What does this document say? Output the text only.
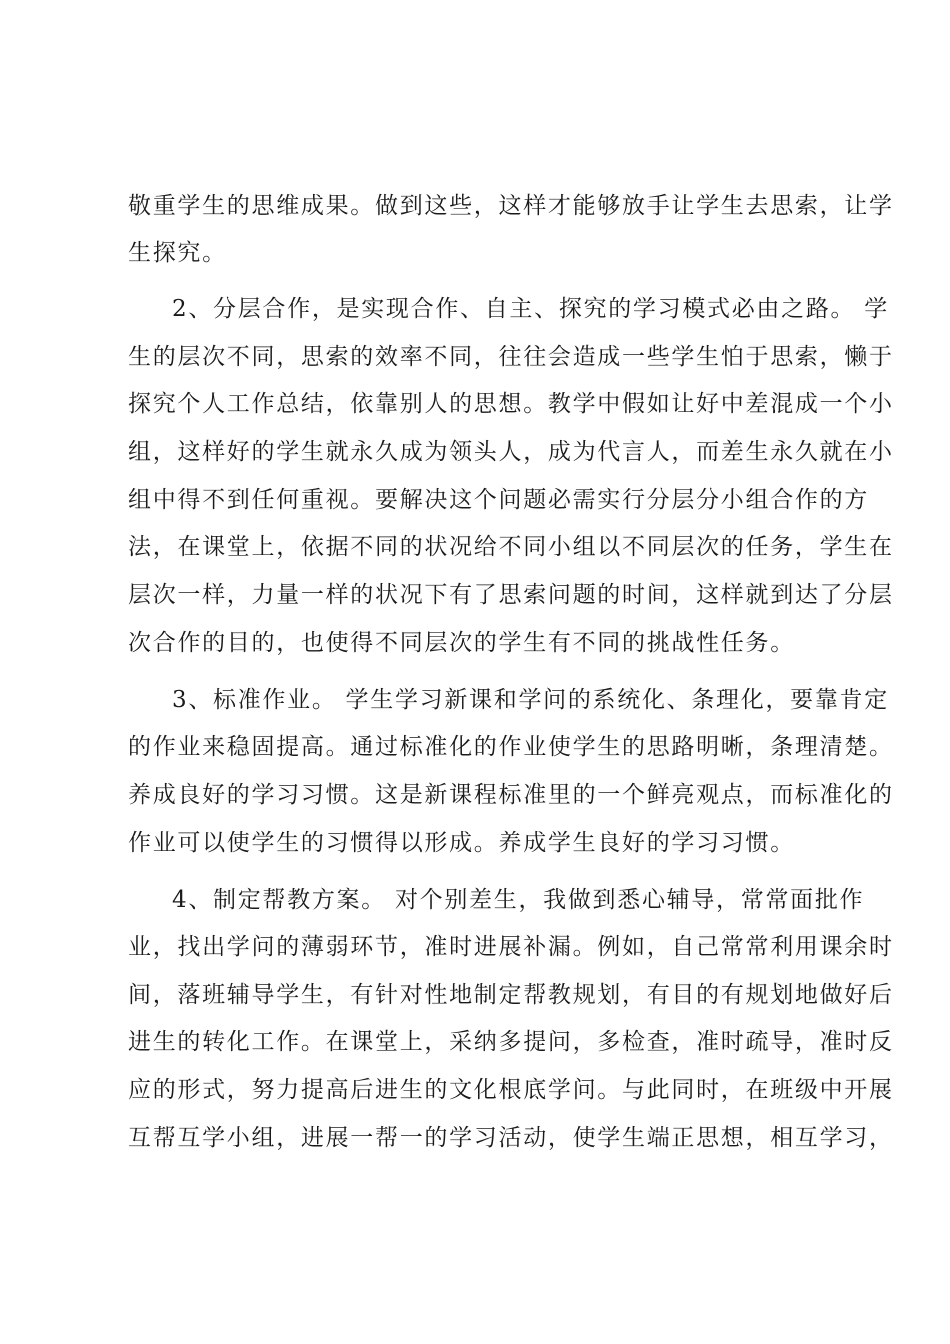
敬重学生的思维成果。做到这些，这样才能够放手让学生去思索，让学

生探究。

2、分层合作，是实现合作、自主、探究的学习模式必由之路。 学

生的层次不同，思索的效率不同，往往会造成一些学生怕于思索，懒于

探究个人工作总结，依靠别人的思想。教学中假如让好中差混成一个小

组，这样好的学生就永久成为领头人，成为代言人，而差生永久就在小

组中得不到任何重视。要解决这个问题必需实行分层分小组合作的方

法，在课堂上，依据不同的状况给不同小组以不同层次的任务，学生在

层次一样，力量一样的状况下有了思索问题的时间，这样就到达了分层

次合作的目的，也使得不同层次的学生有不同的挑战性任务。

3、标准作业。 学生学习新课和学问的系统化、条理化，要靠肯定

的作业来稳固提高。通过标准化的作业使学生的思路明晰，条理清楚。

养成良好的学习习惯。这是新课程标准里的一个鲜亮观点，而标准化的

作业可以使学生的习惯得以形成。养成学生良好的学习习惯。

4、制定帮教方案。 对个别差生，我做到悉心辅导，常常面批作

业，找出学问的薄弱环节，准时进展补漏。例如，自己常常利用课余时

间，落班辅导学生，有针对性地制定帮教规划，有目的有规划地做好后

进生的转化工作。在课堂上，采纳多提问，多检查，准时疏导，准时反

应的形式，努力提高后进生的文化根底学问。与此同时，在班级中开展

互帮互学小组，进展一帮一的学习活动，使学生端正思想，相互学习，
